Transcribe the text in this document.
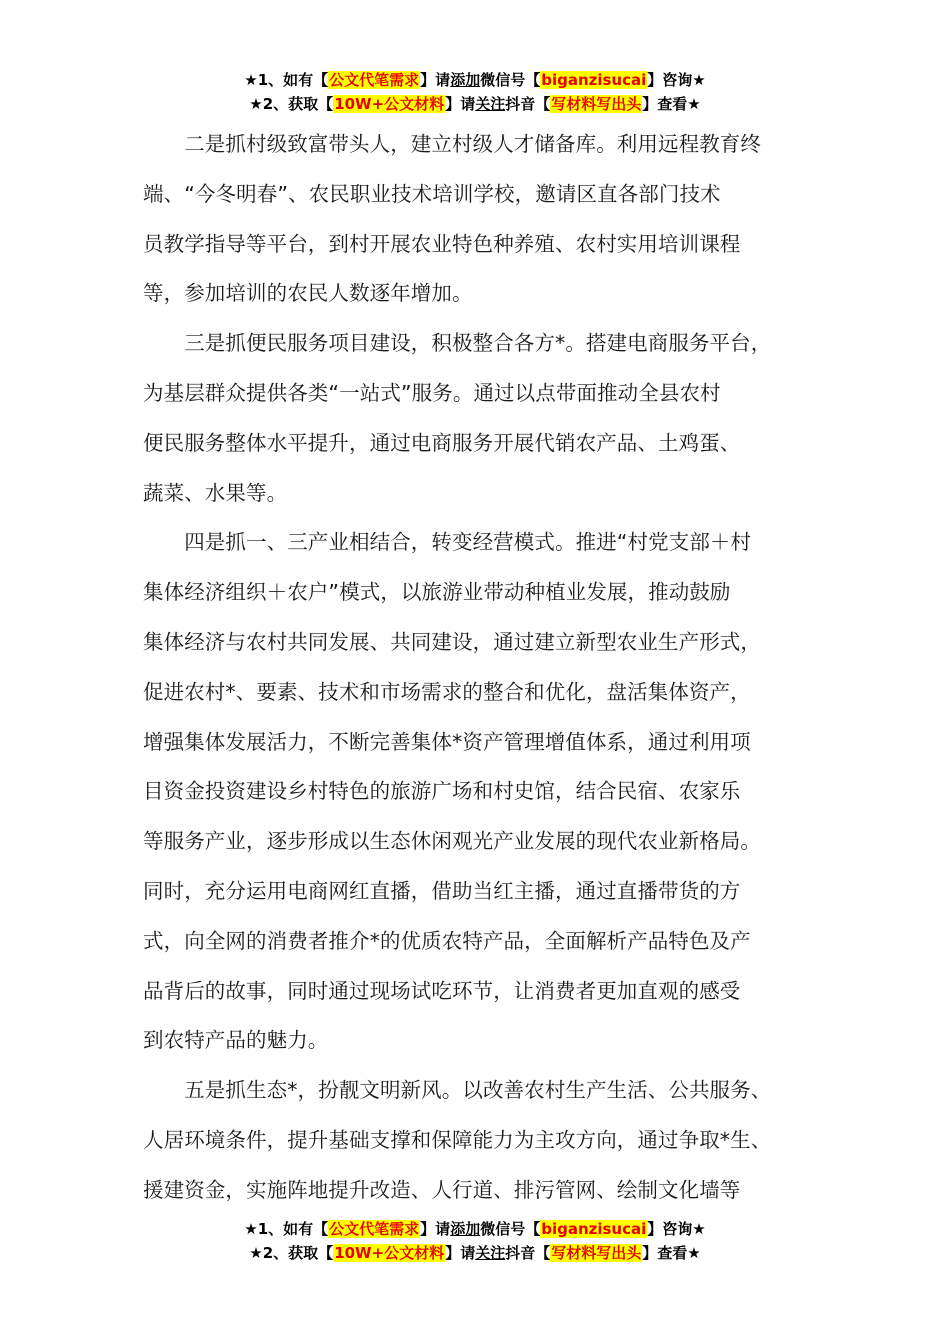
★1、如有【公文代笔需求】请添加微信号【biganzisucai】咨询★
★2、获取【10W+公文材料】请关注抖音【写材料写出头】查看★
　　二是抓村级致富带头人，建立村级人才储备库。利用远程教育终
端、“今冬明春”、农民职业技术培训学校，邀请区直各部门技术
员教学指导等平台，到村开展农业特色种养殖、农村实用培训课程
等，参加培训的农民人数逐年增加。
　　三是抓便民服务项目建设，积极整合各方*。搭建电商服务平台，
为基层群众提供各类“一站式”服务。通过以点带面推动全县农村
便民服务整体水平提升，通过电商服务开展代销农产品、土鸡蛋、
蔬菜、水果等。
　　四是抓一、三产业相结合，转变经营模式。推进“村党支部＋村
集体经济组织＋农户”模式，以旅游业带动种植业发展，推动鼓励
集体经济与农村共同发展、共同建设，通过建立新型农业生产形式，
促进农村*、要素、技术和市场需求的整合和优化，盘活集体资产，
增强集体发展活力，不断完善集体*资产管理增值体系，通过利用项
目资金投资建设乡村特色的旅游广场和村史馆，结合民宿、农家乐
等服务产业，逐步形成以生态休闲观光产业发展的现代农业新格局。
同时，充分运用电商网红直播，借助当红主播，通过直播带货的方
式，向全网的消费者推介*的优质农特产品，全面解析产品特色及产
品背后的故事，同时通过现场试吃环节，让消费者更加直观的感受
到农特产品的魅力。
　　五是抓生态*，扮靓文明新风。以改善农村生产生活、公共服务、
人居环境条件，提升基础支撑和保障能力为主攻方向，通过争取*生、
援建资金，实施阵地提升改造、人行道、排污管网、绘制文化墙等
★1、如有【公文代笔需求】请添加微信号【biganzisucai】咨询★
★2、获取【10W+公文材料】请关注抖音【写材料写出头】查看★
